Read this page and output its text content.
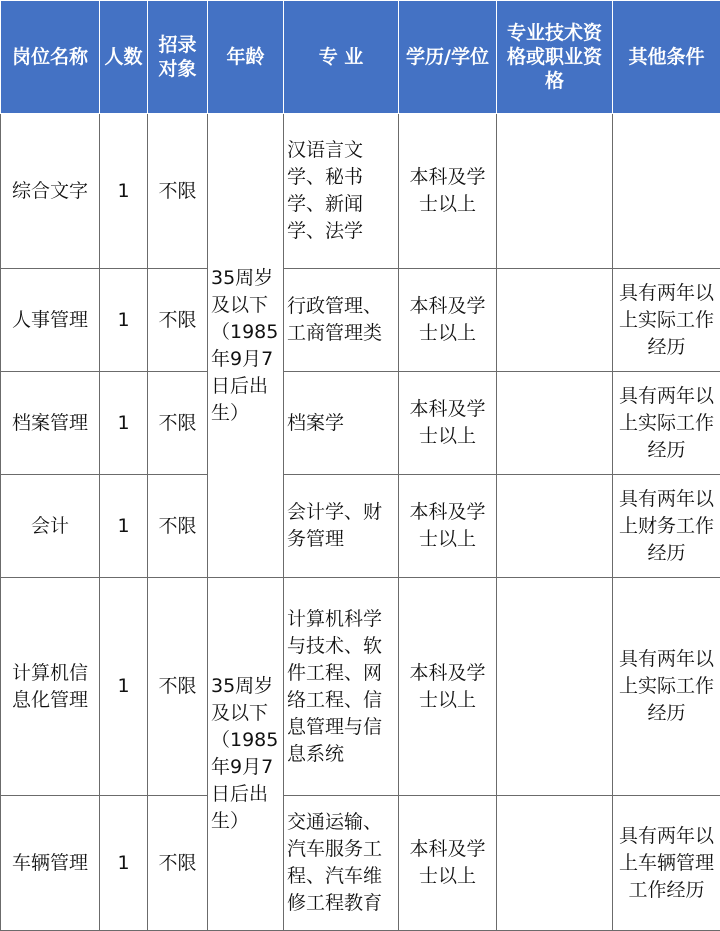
岗位名称	人数	招录对象	年龄	专 业	学历/学位	专业技术资格或职业资格	其他条件
综合文字	1	不限	35周岁及以下（1985年9月7日后出生）	汉语言文学、秘书学、新闻学、法学	本科及学士以上		
人事管理	1	不限		行政管理、工商管理类	本科及学士以上		具有两年以上实际工作经历
档案管理	1	不限		档案学	本科及学士以上		具有两年以上实际工作经历
会计	1	不限		会计学、财务管理	本科及学士以上		具有两年以上财务工作经历
计算机信息化管理	1	不限	35周岁及以下（1985年9月7日后出生）	计算机科学与技术、软件工程、网络工程、信息管理与信息系统	本科及学士以上		具有两年以上实际工作经历
车辆管理	1	不限		交通运输、汽车服务工程、汽车维修工程教育	本科及学士以上		具有两年以上车辆管理工作经历
